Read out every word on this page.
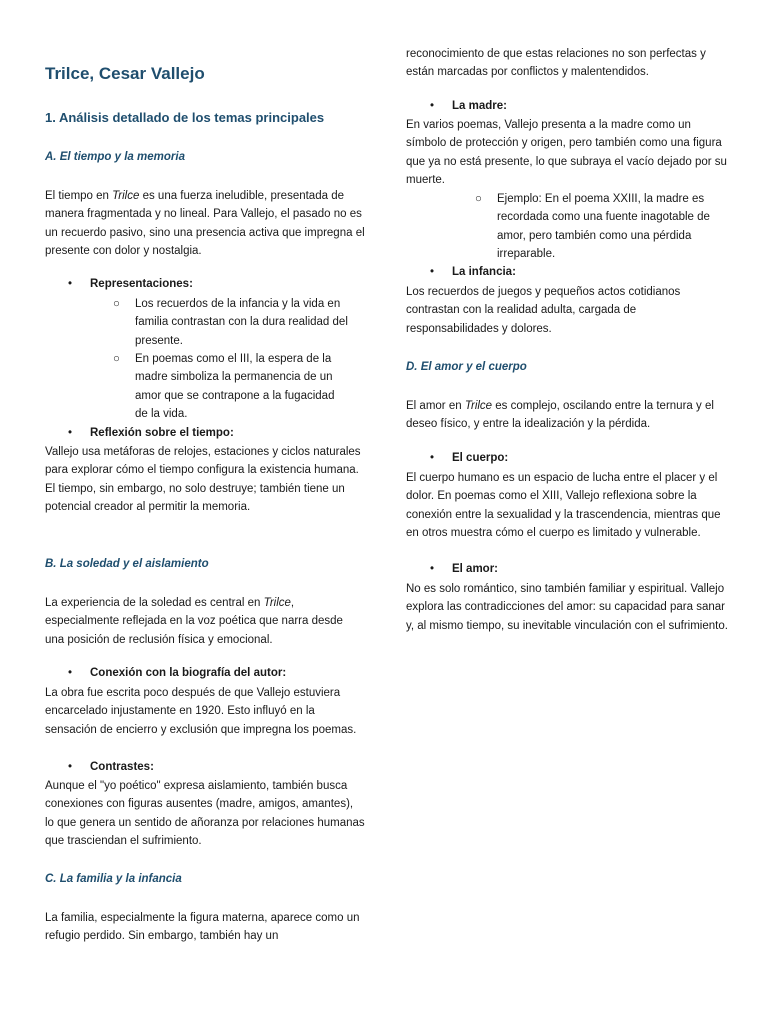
Trilce, Cesar Vallejo
1. Análisis detallado de los temas principales
A. El tiempo y la memoria

El tiempo en Trilce es una fuerza ineludible, presentada de manera fragmentada y no lineal. Para Vallejo, el pasado no es un recuerdo pasivo, sino una presencia activa que impregna el presente con dolor y nostalgia.

• Representaciones:
○ Los recuerdos de la infancia y la vida en familia contrastan con la dura realidad del presente.
○ En poemas como el III, la espera de la madre simboliza la permanencia de un amor que se contrapone a la fugacidad de la vida.
• Reflexión sobre el tiempo:

Vallejo usa metáforas de relojes, estaciones y ciclos naturales para explorar cómo el tiempo configura la existencia humana. El tiempo, sin embargo, no solo destruye; también tiene un potencial creador al permitir la memoria.

B. La soledad y el aislamiento

La experiencia de la soledad es central en Trilce, especialmente reflejada en la voz poética que narra desde una posición de reclusión física y emocional.

• Conexión con la biografía del autor:

La obra fue escrita poco después de que Vallejo estuviera encarcelado injustamente en 1920. Esto influyó en la sensación de encierro y exclusión que impregna los poemas.

• Contrastes:

Aunque el "yo poético" expresa aislamiento, también busca conexiones con figuras ausentes (madre, amigos, amantes), lo que genera un sentido de añoranza por relaciones humanas que trasciendan el sufrimiento.

C. La familia y la infancia

La familia, especialmente la figura materna, aparece como un refugio perdido. Sin embargo, también hay un

reconocimiento de que estas relaciones no son perfectas y están marcadas por conflictos y malentendidos.

• La madre:

En varios poemas, Vallejo presenta a la madre como un símbolo de protección y origen, pero también como una figura que ya no está presente, lo que subraya el vacío dejado por su muerte.

○ Ejemplo: En el poema XXIII, la madre es recordada como una fuente inagotable de amor, pero también como una pérdida irreparable.
• La infancia:

Los recuerdos de juegos y pequeños actos cotidianos contrastan con la realidad adulta, cargada de responsabilidades y dolores.

D. El amor y el cuerpo

El amor en Trilce es complejo, oscilando entre la ternura y el deseo físico, y entre la idealización y la pérdida.

• El cuerpo:

El cuerpo humano es un espacio de lucha entre el placer y el dolor. En poemas como el XIII, Vallejo reflexiona sobre la conexión entre la sexualidad y la trascendencia, mientras que en otros muestra cómo el cuerpo es limitado y vulnerable.

• El amor:

No es solo romántico, sino también familiar y espiritual. Vallejo explora las contradicciones del amor: su capacidad para sanar y, al mismo tiempo, su inevitable vinculación con el sufrimiento.
